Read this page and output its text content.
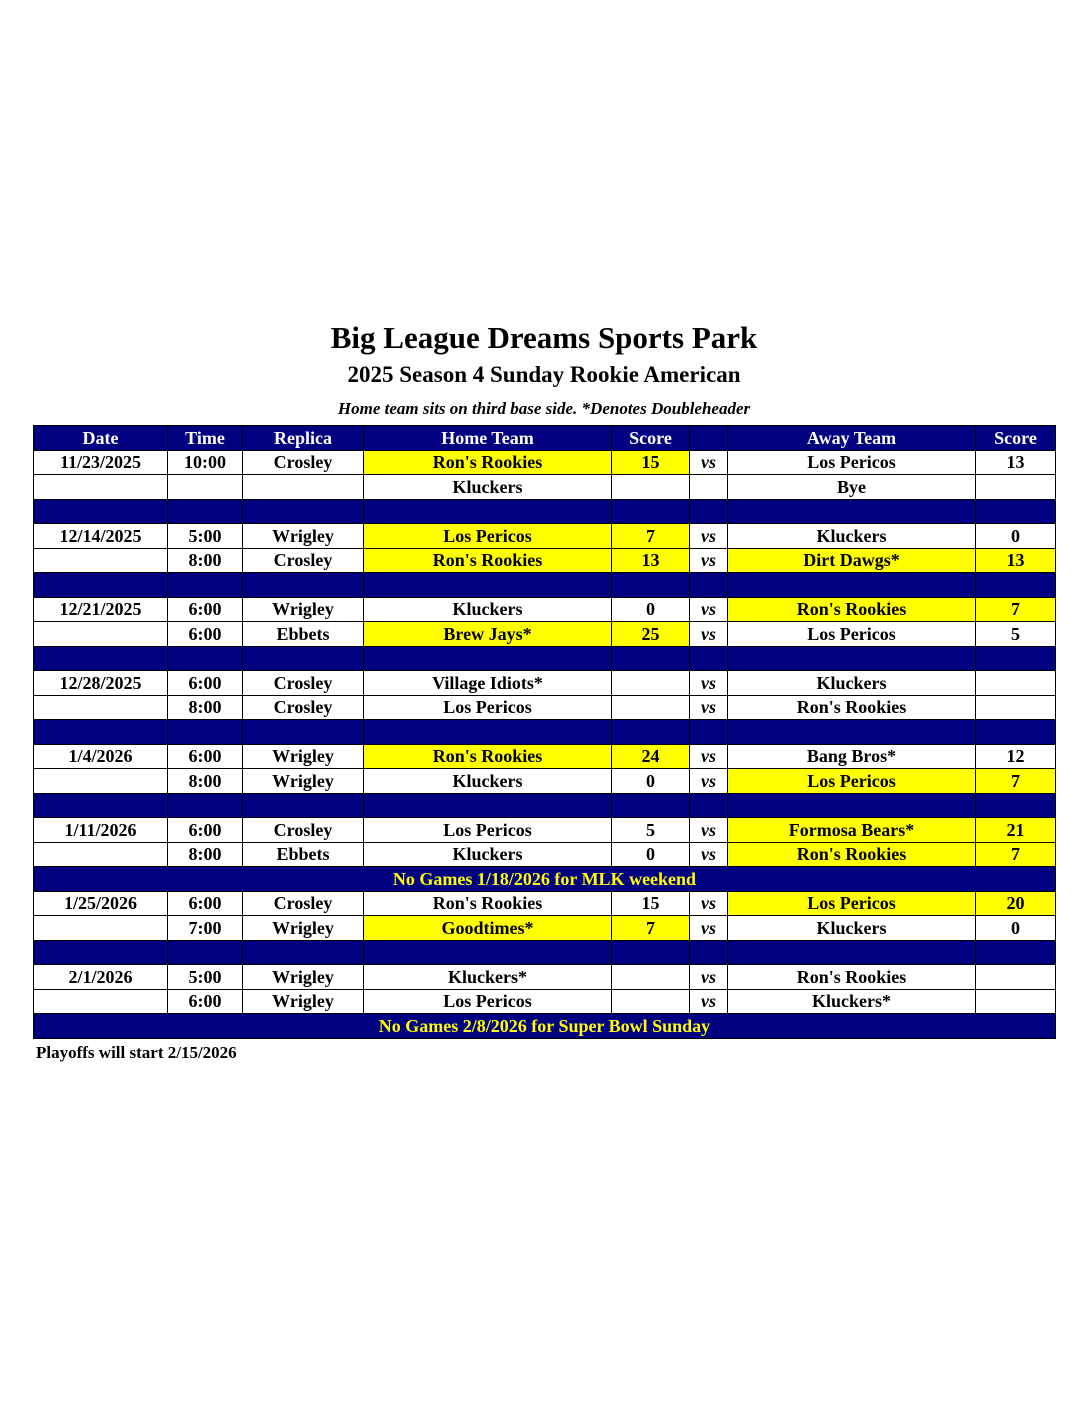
Big League Dreams Sports Park
2025 Season 4 Sunday Rookie American
Home team sits on third base side. *Denotes Doubleheader
Date	Time	Replica	Home Team	Score		Away Team	Score
11/23/2025	10:00	Crosley	Ron's Rookies	15	vs	Los Pericos	13
			Kluckers			Bye	

12/14/2025	5:00	Wrigley	Los Pericos	7	vs	Kluckers	0
	8:00	Crosley	Ron's Rookies	13	vs	Dirt Dawgs*	13

12/21/2025	6:00	Wrigley	Kluckers	0	vs	Ron's Rookies	7
	6:00	Ebbets	Brew Jays*	25	vs	Los Pericos	5

12/28/2025	6:00	Crosley	Village Idiots*		vs	Kluckers	
	8:00	Crosley	Los Pericos		vs	Ron's Rookies	

1/4/2026	6:00	Wrigley	Ron's Rookies	24	vs	Bang Bros*	12
	8:00	Wrigley	Kluckers	0	vs	Los Pericos	7

1/11/2026	6:00	Crosley	Los Pericos	5	vs	Formosa Bears*	21
	8:00	Ebbets	Kluckers	0	vs	Ron's Rookies	7
No Games 1/18/2026 for MLK weekend							
1/25/2026	6:00	Crosley	Ron's Rookies	15	vs	Los Pericos	20
	7:00	Wrigley	Goodtimes*	7	vs	Kluckers	0

2/1/2026	5:00	Wrigley	Kluckers*		vs	Ron's Rookies	
	6:00	Wrigley	Los Pericos		vs	Kluckers*	
No Games 2/8/2026 for Super Bowl Sunday							
Playoffs will start 2/15/2026
